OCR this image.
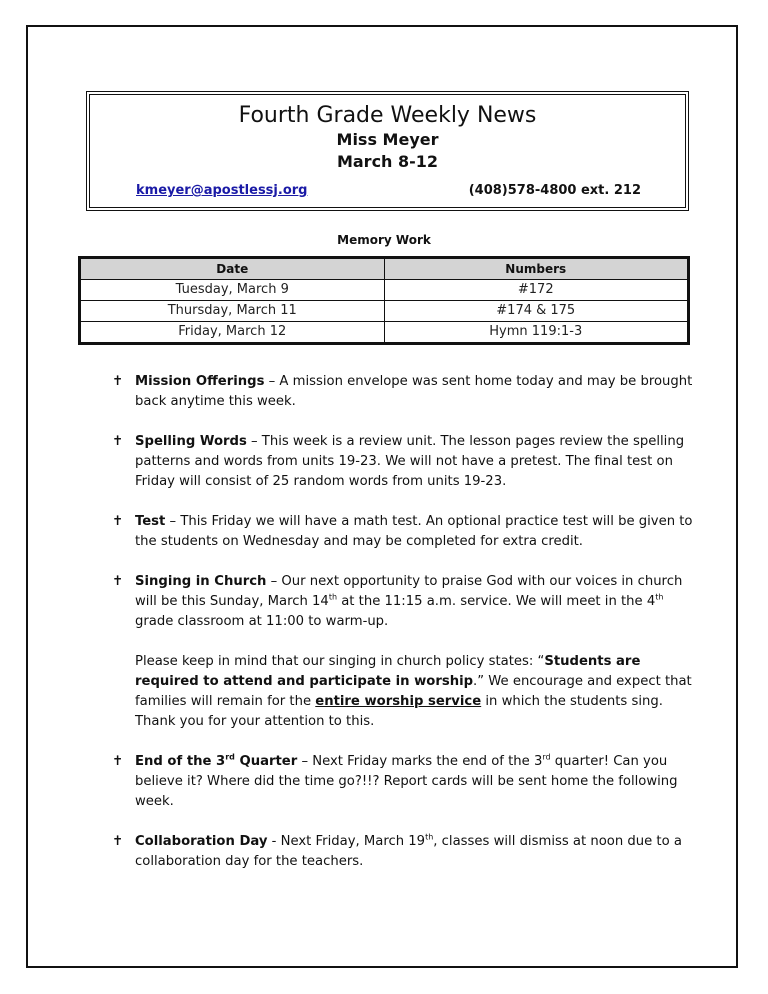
Fourth Grade Weekly News
Miss Meyer
March 8-12
kmeyer@apostlessj.org	(408)578-4800 ext. 212
Memory Work
Date	Numbers
Tuesday, March 9	#172
Thursday, March 11	#174 & 175
Friday, March 12	Hymn 119:1-3
✝ Mission Offerings – A mission envelope was sent home today and may be brought back anytime this week.
✝ Spelling Words – This week is a review unit. The lesson pages review the spelling patterns and words from units 19-23. We will not have a pretest. The final test on Friday will consist of 25 random words from units 19-23.
✝ Test – This Friday we will have a math test. An optional practice test will be given to the students on Wednesday and may be completed for extra credit.
✝ Singing in Church – Our next opportunity to praise God with our voices in church will be this Sunday, March 14th at the 11:15 a.m. service. We will meet in the 4th grade classroom at 11:00 to warm-up.
Please keep in mind that our singing in church policy states: “Students are required to attend and participate in worship.” We encourage and expect that families will remain for the entire worship service in which the students sing. Thank you for your attention to this.
✝ End of the 3rd Quarter – Next Friday marks the end of the 3rd quarter! Can you believe it? Where did the time go?!!? Report cards will be sent home the following week.
✝ Collaboration Day - Next Friday, March 19th, classes will dismiss at noon due to a collaboration day for the teachers.
